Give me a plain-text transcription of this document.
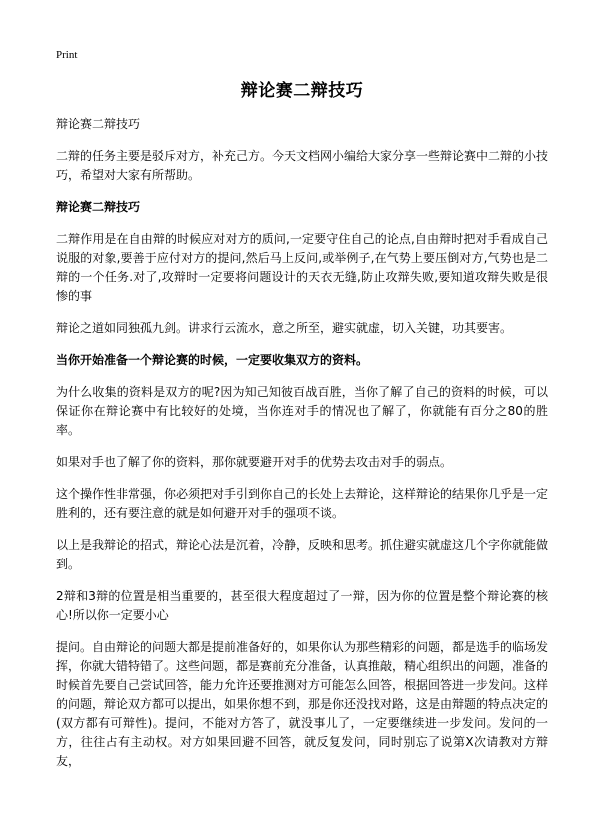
Print
辩论赛二辩技巧

辩论赛二辩技巧

二辩的任务主要是驳斥对方，补充己方。今天文档网小编给大家分享一些辩论赛中二辩的小技巧，希望对大家有所帮助。

辩论赛二辩技巧

二辩作用是在自由辩的时候应对对方的质问,一定要守住自己的论点,自由辩时把对手看成自己说服的对象,要善于应付对方的提问,然后马上反问,或举例子,在气势上要压倒对方,气势也是二辩的一个任务.对了,攻辩时一定要将问题设计的天衣无缝,防止攻辩失败,要知道攻辩失败是很惨的事

辩论之道如同独孤九剑。讲求行云流水，意之所至，避实就虚，切入关键，功其要害。

当你开始准备一个辩论赛的时候，一定要收集双方的资料。

为什么收集的资料是双方的呢?因为知己知彼百战百胜，当你了解了自己的资料的时候，可以保证你在辩论赛中有比较好的处境，当你连对手的情况也了解了，你就能有百分之80的胜率。

如果对手也了解了你的资料，那你就要避开对手的优势去攻击对手的弱点。

这个操作性非常强，你必须把对手引到你自己的长处上去辩论，这样辩论的结果你几乎是一定胜利的，还有要注意的就是如何避开对手的强项不谈。

以上是我辩论的招式，辩论心法是沉着，冷静，反映和思考。抓住避实就虚这几个字你就能做到。

2辩和3辩的位置是相当重要的，甚至很大程度超过了一辩，因为你的位置是整个辩论赛的核心!所以你一定要小心

提问。自由辩论的问题大都是提前准备好的，如果你认为那些精彩的问题，都是选手的临场发挥，你就大错特错了。这些问题，都是赛前充分准备，认真推敲，精心组织出的问题，准备的时候首先要自己尝试回答，能力允许还要推测对方可能怎么回答，根据回答进一步发问。这样的问题，辩论双方都可以提出，如果你想不到，那是你还没找对路，这是由辩题的特点决定的(双方都有可辩性)。提问，不能对方答了，就没事儿了，一定要继续进一步发问。发问的一方，往往占有主动权。对方如果回避不回答，就反复发问，同时别忘了说第X次请教对方辩友，
